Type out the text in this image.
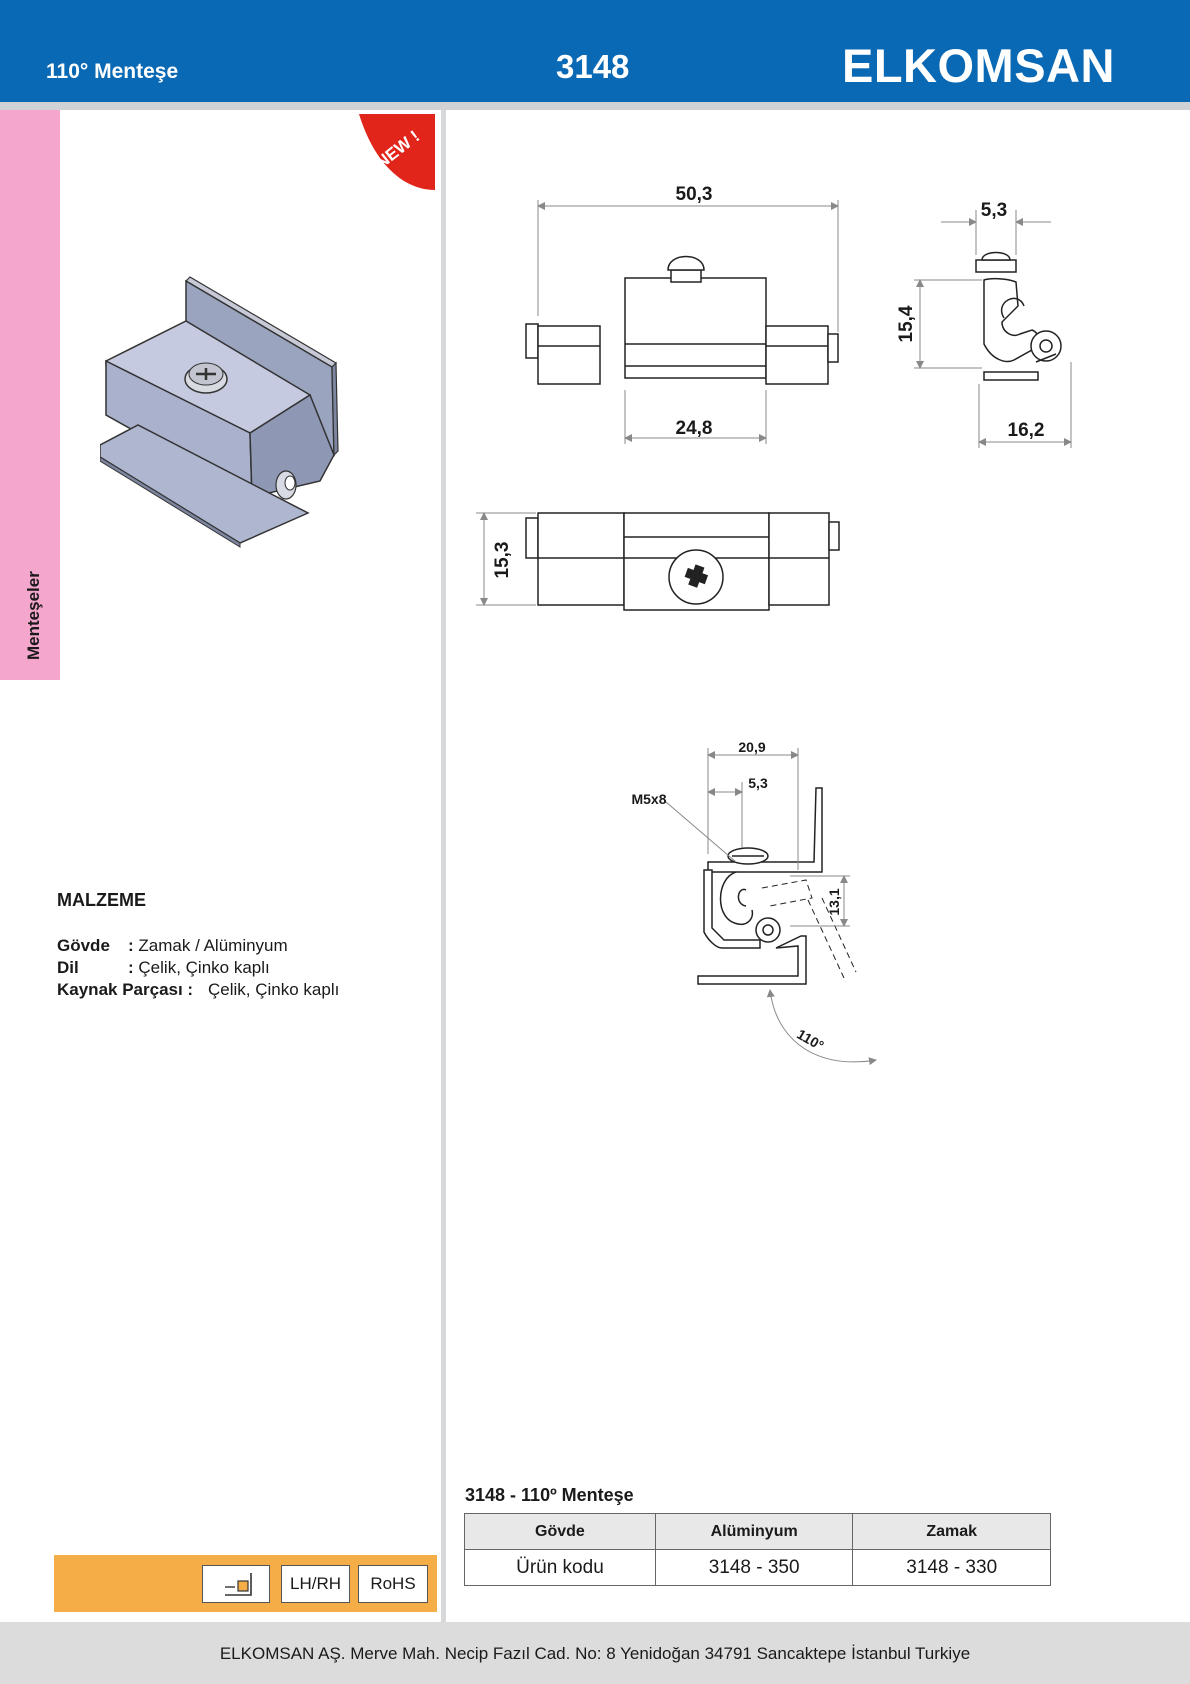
110° Menteşe	3148	ELKOMSAN
Menteşeler
NEW !
MALZEME
Gövde : Zamak / Alüminyum
Dil	: Çelik, Çinko kaplı
Kaynak Parçası : Çelik, Çinko kaplı
LH/RH	RoHS
50,3
24,8
5,3
15,4
16,2
15,3
20,9
5,3
M5x8
13,1
110°
3148 - 110º Menteşe
Gövde	Alüminyum	Zamak
Ürün kodu	3148 - 350	3148 - 330
ELKOMSAN AŞ. Merve Mah. Necip Fazıl Cad. No: 8 Yenidoğan 34791 Sancaktepe İstanbul Turkiye
